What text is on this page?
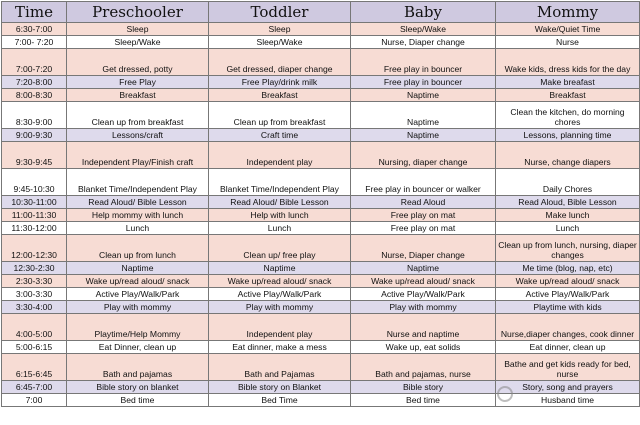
Time	Preschooler	Toddler	Baby	Mommy
6:30-7:00	Sleep	Sleep	Sleep/Wake	Wake/Quiet Time
7:00- 7:20	Sleep/Wake	Sleep/Wake	Nurse, Diaper change	Nurse
7:00-7:20	Get dressed, potty	Get dressed, diaper change	Free play in bouncer	Wake kids, dress kids for the day
7:20-8:00	Free Play	Free Play/drink milk	Free play in bouncer	Make breafast
8:00-8:30	Breakfast	Breakfast	Naptime	Breakfast
8:30-9:00	Clean up from breakfast	Clean up from breakfast	Naptime	Clean the kitchen, do morning chores
9:00-9:30	Lessons/craft	Craft time	Naptime	Lessons, planning time
9:30-9:45	Independent Play/Finish craft	Independent play	Nursing, diaper change	Nurse, change diapers
9:45-10:30	Blanket Time/Independent Play	Blanket Time/Independent Play	Free play in bouncer or walker	Daily Chores
10:30-11:00	Read Aloud/ Bible Lesson	Read Aloud/ Bible Lesson	Read Aloud	Read Aloud, Bible Lesson
11:00-11:30	Help mommy with lunch	Help with lunch	Free play on mat	Make lunch
11:30-12:00	Lunch	Lunch	Free play on mat	Lunch
12:00-12:30	Clean up from lunch	Clean up/ free play	Nurse, Diaper change	Clean up from lunch, nursing, diaper changes
12:30-2:30	Naptime	Naptime	Naptime	Me time (blog, nap, etc)
2:30-3:30	Wake up/read aloud/ snack	Wake up/read aloud/ snack	Wake up/read aloud/ snack	Wake up/read aloud/ snack
3:00-3:30	Active Play/Walk/Park	Active Play/Walk/Park	Active Play/Walk/Park	Active Play/Walk/Park
3:30-4:00	Play with mommy	Play with mommy	Play with mommy	Playtime with kids
4:00-5:00	Playtime/Help Mommy	Independent play	Nurse and naptime	Nurse,diaper changes, cook dinner
5:00-6:15	Eat Dinner, clean up	Eat dinner, make a mess	Wake up, eat solids	Eat dinner, clean up
6:15-6:45	Bath and pajamas	Bath and Pajamas	Bath and pajamas, nurse	Bathe and get kids ready for bed, nurse
6:45-7:00	Bible story on blanket	Bible story on Blanket	Bible story	Story, song and prayers
7:00	Bed time	Bed Time	Bed time	Husband time
